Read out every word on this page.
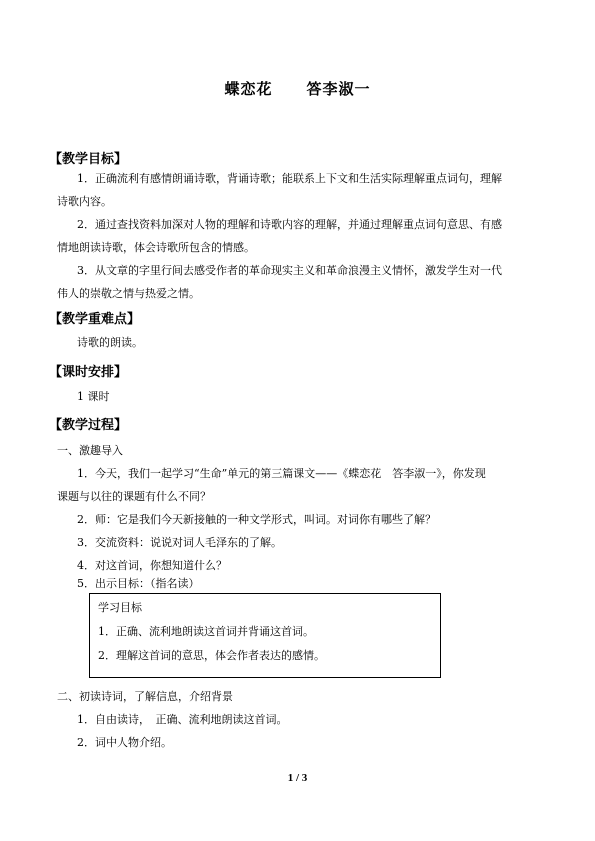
蝶恋花 答李淑一
【教学目标】
1．正确流利有感情朗诵诗歌，背诵诗歌；能联系上下文和生活实际理解重点词句，理解
诗歌内容。
2．通过查找资料加深对人物的理解和诗歌内容的理解，并通过理解重点词句意思、有感
情地朗读诗歌，体会诗歌所包含的情感。
3．从文章的字里行间去感受作者的革命现实主义和革命浪漫主义情怀，激发学生对一代
伟人的崇敬之情与热爱之情。
【教学重难点】
诗歌的朗读。
【课时安排】
1 课时
【教学过程】
一、激趣导入
1．今天，我们一起学习“生命”单元的第三篇课文——《蝶恋花　答李淑一》，你发现
课题与以往的课题有什么不同？
2．师：它是我们今天新接触的一种文学形式，叫词。对词你有哪些了解？
3．交流资料：说说对词人毛泽东的了解。
4．对这首词，你想知道什么？
5．出示目标：（指名读）
学习目标
1．正确、流利地朗读这首词并背诵这首词。
2．理解这首词的意思，体会作者表达的感情。
二、初读诗词，了解信息，介绍背景
1．自由读诗，　正确、流利地朗读这首词。
2．词中人物介绍。
1 / 3
